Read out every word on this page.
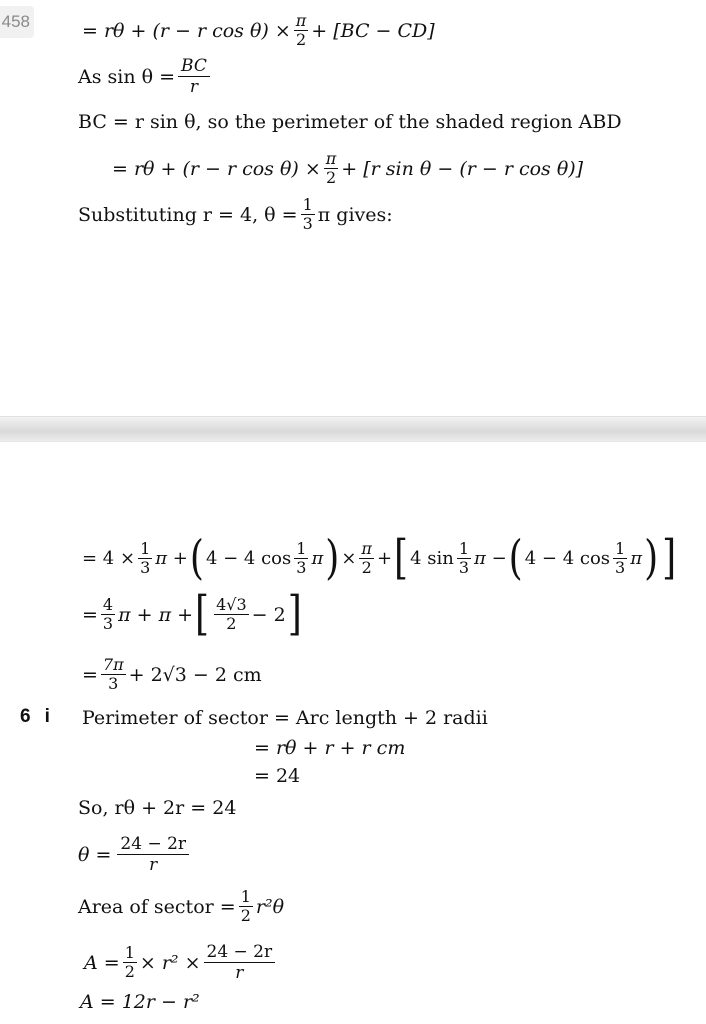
458	= rθ + (r − r $\cos \theta) \times \frac{\pi}{2} + [BC - CD]$
As $\sin \theta = \frac{BC}{r}$
BC = r sin θ, so the perimeter of the shaded region ABD
= rθ + (r − r $\cos \theta) \times \frac{\pi}{2} + [r$ sin θ − (r − r cos θ)]
Substituting r = 4, $\theta = \frac{1}{3}$ π gives:
= $4 \times \frac{1}{3}$ π + ( 4 − 4 $\cos \frac{1}{3}$ π ) × $\frac{\pi}{2}$ + [ 4 $\sin \frac{1}{3}$ π − ( 4 − 4 $\cos \frac{1}{3}$ π ) ]
= $\frac{4}{3}$ π + π + [ $\frac{4√3}{2} - 2$ ]
= $\frac{7\pi}{3} + 2√3 - 2$ cm
6 i Perimeter of sector = Arc length + 2 radii
= rθ + r + r cm
= 24
So, rθ + 2r = 24
$\theta = \frac{24 - 2r}{r}$
Area of sector = $\frac{1}{2} r^2\theta$
$A = \frac{1}{2} \times r^2 \times \frac{24 - 2r}{r}$
A = 12r − r²
